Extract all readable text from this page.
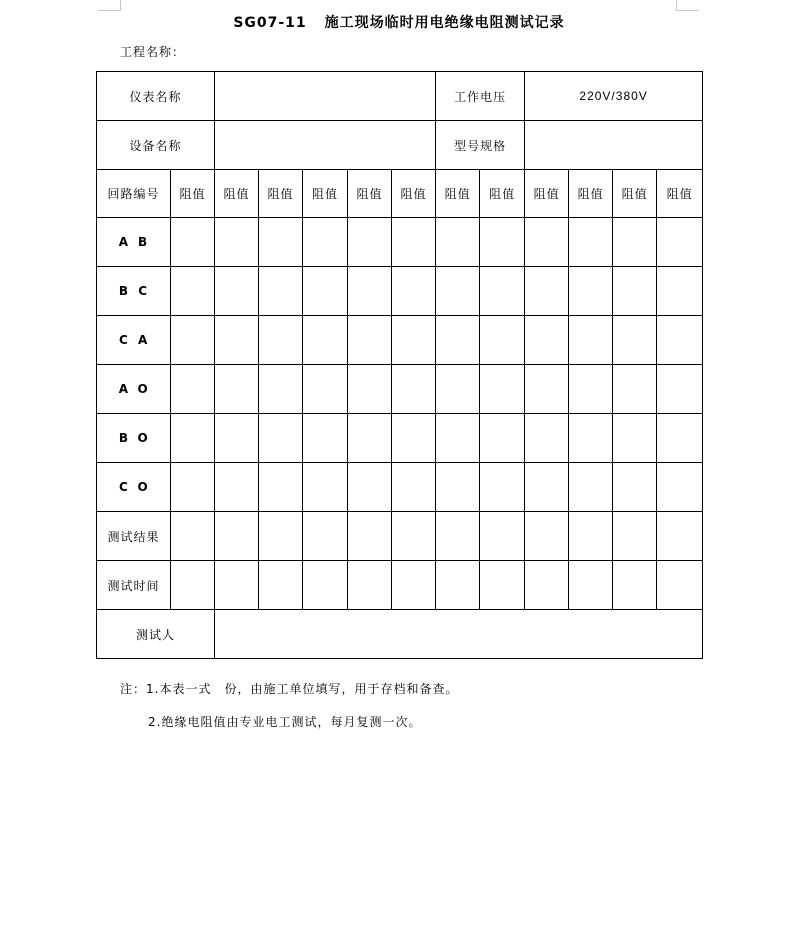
SG07-11 施工现场临时用电绝缘电阻测试记录
工程名称：
仪表名称							工作电压		220V/380V			
设备名称							型号规格					
回路编号	阻值	阻值	阻值	阻值	阻值	阻值	阻值	阻值	阻值	阻值	阻值	阻值
A B												
B C												
C A												
A O												
B O												
C O												
测试结果												
测试时间												
测试人												
注：1.本表一式　份，由施工单位填写，用于存档和备查。
2.绝缘电阻值由专业电工测试，每月复测一次。
